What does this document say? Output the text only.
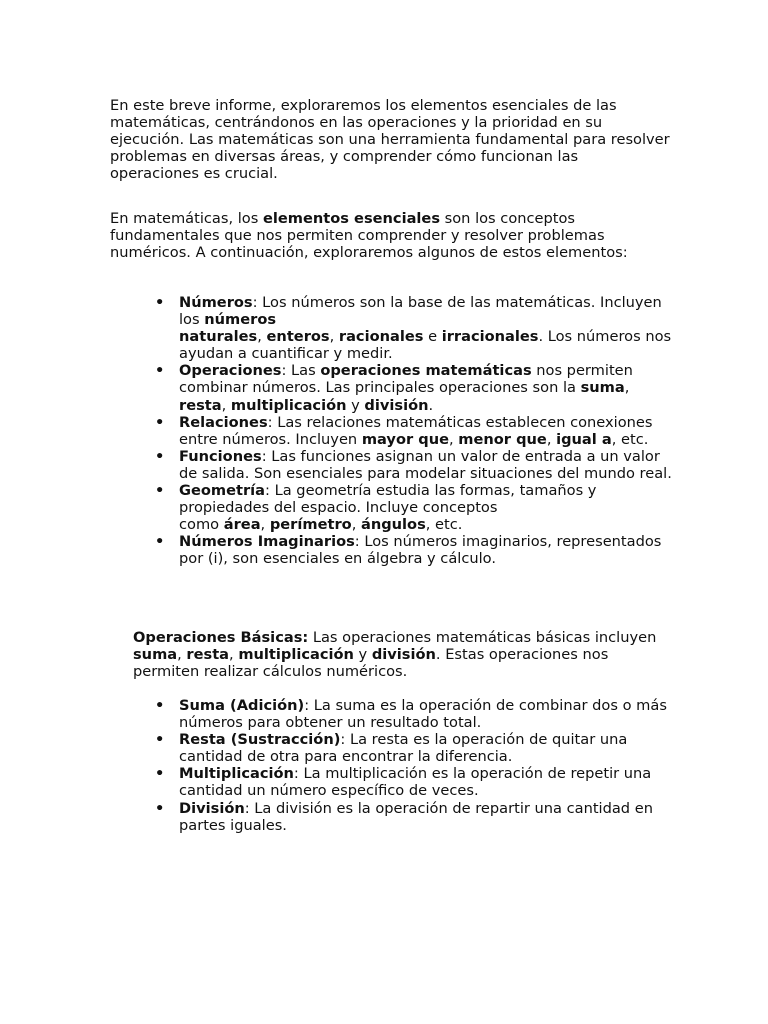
En este breve informe, exploraremos los elementos esenciales de las matemáticas, centrándonos en las operaciones y la prioridad en su ejecución. Las matemáticas son una herramienta fundamental para resolver problemas en diversas áreas, y comprender cómo funcionan las operaciones es crucial.

En matemáticas, los elementos esenciales son los conceptos fundamentales que nos permiten comprender y resolver problemas numéricos. A continuación, exploraremos algunos de estos elementos:

•	Números: Los números son la base de las matemáticas. Incluyen los números
naturales, enteros, racionales e irracionales. Los números nos ayudan a cuantificar y medir.
•	Operaciones: Las operaciones matemáticas nos permiten combinar números. Las principales operaciones son la suma, resta, multiplicación y división.
•	Relaciones: Las relaciones matemáticas establecen conexiones entre números. Incluyen mayor que, menor que, igual a, etc.
•	Funciones: Las funciones asignan un valor de entrada a un valor de salida. Son esenciales para modelar situaciones del mundo real.
•	Geometría: La geometría estudia las formas, tamaños y propiedades del espacio. Incluye conceptos
como área, perímetro, ángulos, etc.
•	Números Imaginarios: Los números imaginarios, representados por (i), son esenciales en álgebra y cálculo.

Operaciones Básicas: Las operaciones matemáticas básicas incluyen suma, resta, multiplicación y división. Estas operaciones nos permiten realizar cálculos numéricos.

•	Suma (Adición): La suma es la operación de combinar dos o más números para obtener un resultado total.
•	Resta (Sustracción): La resta es la operación de quitar una cantidad de otra para encontrar la diferencia.
•	Multiplicación: La multiplicación es la operación de repetir una cantidad un número específico de veces.
•	División: La división es la operación de repartir una cantidad en partes iguales.
